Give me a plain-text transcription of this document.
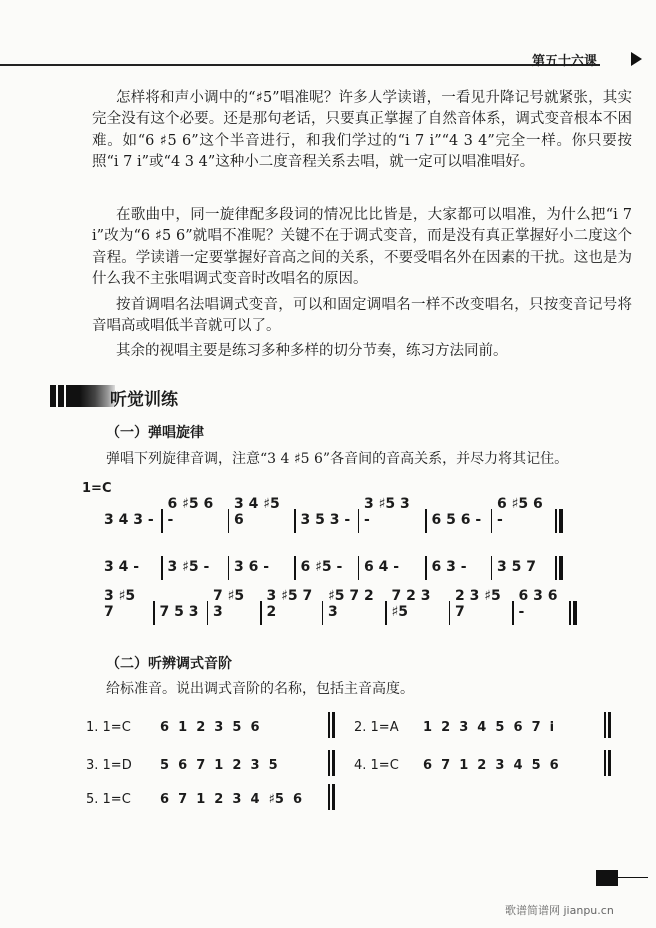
第五十六课
怎样将和声小调中的“♯5”唱准呢？许多人学读谱，一看见升降记号就紧张，其实完全没有这个必要。还是那句老话，只要真正掌握了自然音体系，调式变音根本不困难。如“6 ♯5 6”这个半音进行，和我们学过的“i 7 i”“4 3 4”完全一样。你只要按照“i 7 i”或“4 3 4”这种小二度音程关系去唱，就一定可以唱准唱好。
在歌曲中，同一旋律配多段词的情况比比皆是，大家都可以唱准，为什么把“i 7 i”改为“6 ♯5 6”就唱不准呢？关键不在于调式变音，而是没有真正掌握好小二度这个音程。学读谱一定要掌握好音高之间的关系，不要受唱名外在因素的干扰。这也是为什么我不主张唱调式变音时改唱名的原因。
按首调唱名法唱调式变音，可以和固定调唱名一样不改变唱名，只按变音记号将音唱高或唱低半音就可以了。
其余的视唱主要是练习多种多样的切分节奏，练习方法同前。
听觉训练
（一）弹唱旋律
弹唱下列旋律音调，注意“3 4 ♯5 6”各音间的音高关系，并尽力将其记住。
1=C
3 4 3 -
6 ♯5 6 -
3 4 ♯5 6	3 5 3 -
3 ♯5 3 -	6 5 6 -
6 ♯5 6 -
3 4 -	3 ♯5 -	3 6 -	6 ♯5 -	6 4 -	6 3 -	3 5 7
3 ♯5 7	7 5 3
7 ♯5 3
3 ♯5 7 2
♯5 7 2 3
7 2 3 ♯5
2 3 ♯5 7
6 3 6 -
（二）听辨调式音阶
给标准音。说出调式音阶的名称，包括主音高度。
1. 1=C 6  1  2  3  5  6	2. 1=A 1  2  3  4  5  6  7  i
3. 1=D 5  6  7  1  2  3  5	4. 1=C 6  7  1  2  3  4  5  6
5. 1=C 6  7  1  2  3  4  ♯5  6
歌谱简谱网 jianpu.cn
